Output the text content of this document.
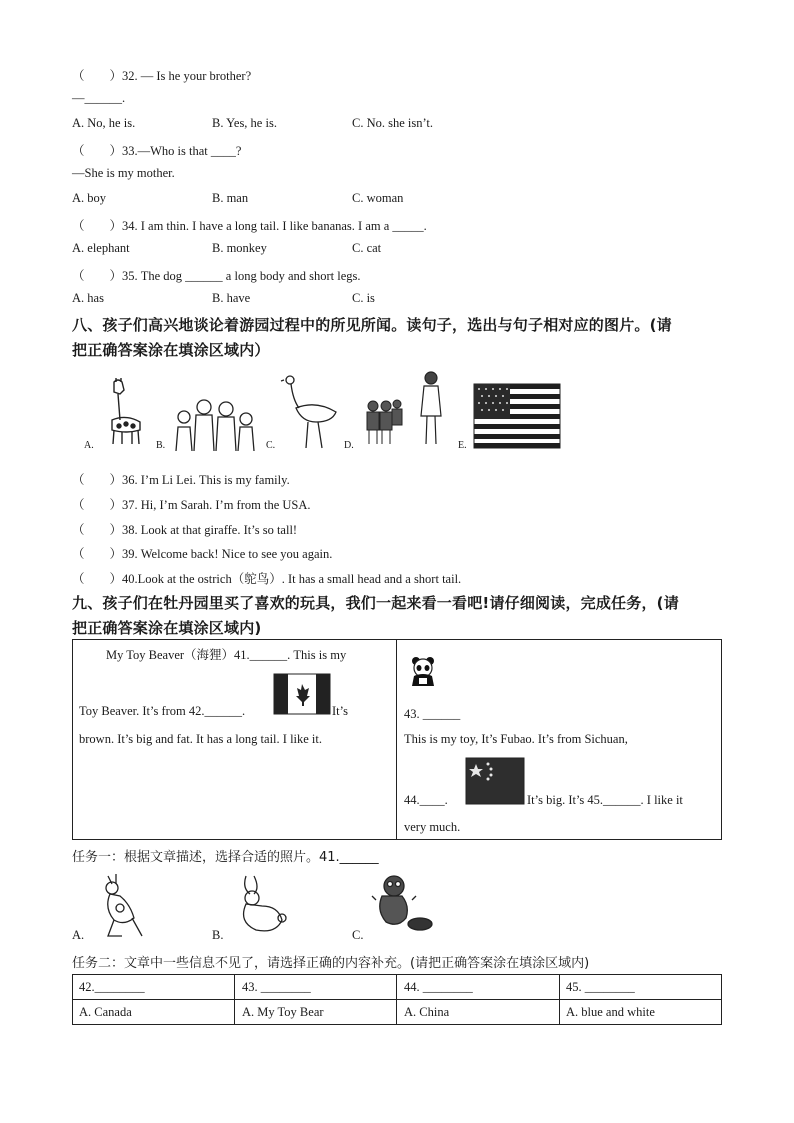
（　　）32. — Is he your brother?
—______.
A. No, he is.	B. Yes, he is.	C. No. she isn’t.
（　　）33.—Who is that ____?
—She is my mother.
A. boy	B. man	C. woman
（　　）34. I am thin. I have a long tail. I like bananas. I am a _____.
A. elephant	B. monkey	C. cat
（　　）35. The dog ______ a long body and short legs.
A. has	B. have	C. is
八、孩子们高兴地谈论着游园过程中的所见所闻。读句子，选出与句子相对应的图片。(请
把正确答案涂在填涂区域内）
A.	B.	C.	D.	E.
（　　）36. I’m Li Lei. This is my family.
（　　）37. Hi, I’m Sarah. I’m from the USA.
（　　）38. Look at that giraffe. It’s so tall!
（　　）39. Welcome back! Nice to see you again.
（　　）40.Look at the ostrich（鸵鸟）. It has a small head and a short tail.
九、孩子们在牡丹园里买了喜欢的玩具，我们一起来看一看吧!请仔细阅读，完成任务，(请
把正确答案涂在填涂区域内)
My Toy Beaver（海狸）41.______. This is my
Toy Beaver. It’s from 42.______.	It’s
brown. It’s big and fat. It has a long tail. I like it.
43. ______
This is my toy, It’s Fubao. It’s from Sichuan,
44.____.	It’s big. It’s 45.______. I like it
very much.
任务一：根据文章描述，选择合适的照片。41.______
A.	B.	C.
任务二：文章中一些信息不见了，请选择正确的内容补充。(请把正确答案涂在填涂区域内)
42.________	43. ________	44. ________	45. ________
A. Canada	A. My Toy Bear	A. China	A. blue and white
